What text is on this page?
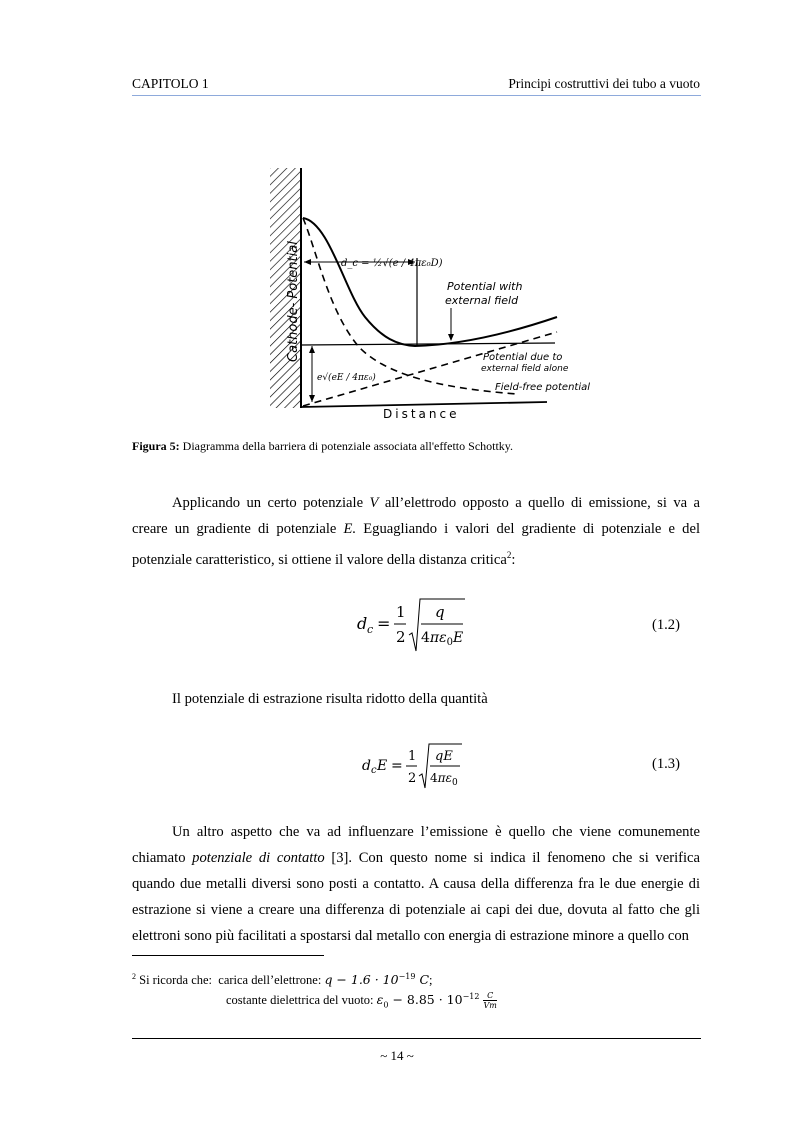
CAPITOLO 1	Principi costruttivi dei tubo a vuoto
Cathode- Potential
Distance
d_c = ½√(e / 4πε₀D)
Potential with
external field
Potential due to
external field alone
Field-free potential
e√(eE / 4πε₀)
Figura 5: Diagramma della barriera di potenziale associata all'effetto Schottky.
Applicando un certo potenziale V all’elettrodo opposto a quello di emissione, si va a creare un gradiente di potenziale E. Eguagliando i valori del gradiente di potenziale e del potenziale caratteristico, si ottiene il valore della distanza critica$^2$:
d c =
1
2
q
$4\pi\varepsilon_0E$
(1.2)
Il potenziale di estrazione risulta ridotto della quantità
d c E =
1
2
qE
$4\pi\varepsilon_0$
(1.3)
Un altro aspetto che va ad influenzare l’emissione è quello che viene comunemente chiamato potenziale di contatto [3]. Con questo nome si indica il fenomeno che si verifica quando due metalli diversi sono posti a contatto. A causa della differenza fra le due energie di estrazione si viene a creare una differenza di potenziale ai capi dei due, dovuta al fatto che gli elettroni sono più facilitati a spostarsi dal metallo con energia di estrazione minore a quello con
$^2$ Si ricorda che: carica dell’elettrone: $q - 1.6 \cdot 10^{-19}$ C;
costante dielettrica del vuoto: $\varepsilon_0 - 8.85 \cdot 10^{-12} \frac{C}{Vm}$
~ 14 ~
